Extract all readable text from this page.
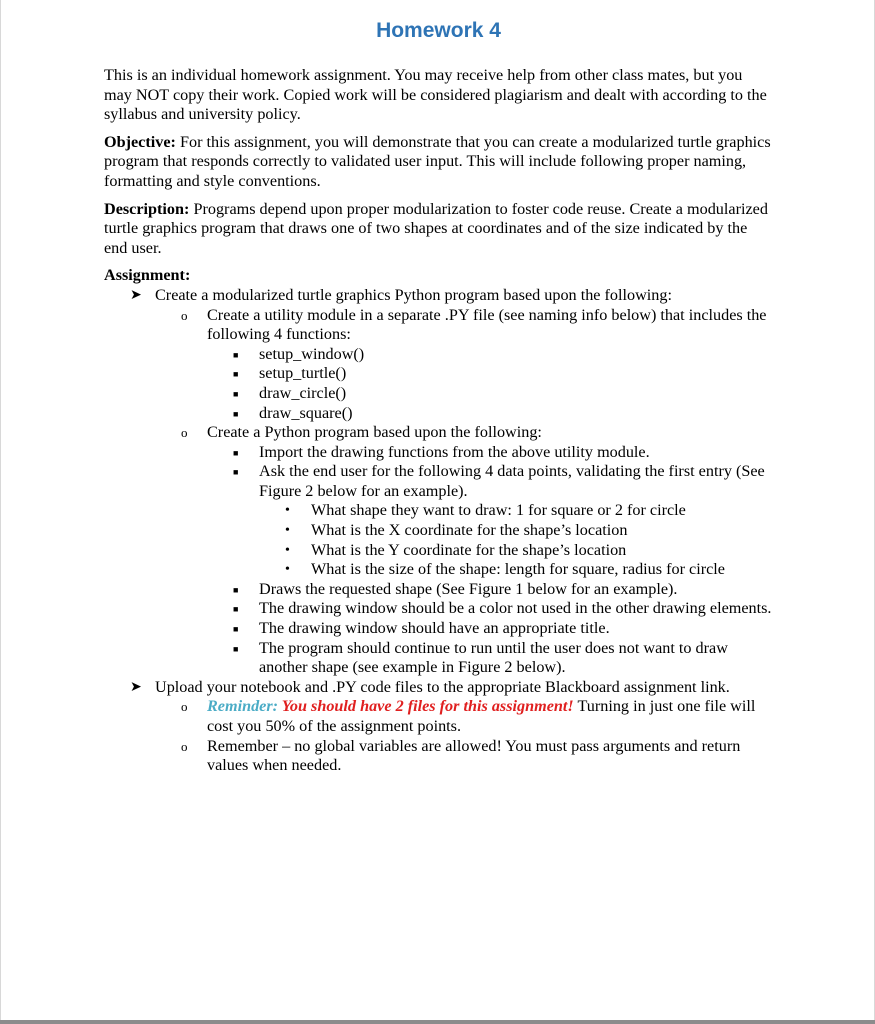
Homework 4

This is an individual homework assignment. You may receive help from other class mates, but you may NOT copy their work. Copied work will be considered plagiarism and dealt with according to the syllabus and university policy.

Objective: For this assignment, you will demonstrate that you can create a modularized turtle graphics program that responds correctly to validated user input. This will include following proper naming, formatting and style conventions.

Description: Programs depend upon proper modularization to foster code reuse. Create a modularized turtle graphics program that draws one of two shapes at coordinates and of the size indicated by the end user.

Assignment:

➤ Create a modularized turtle graphics Python program based upon the following:
o Create a utility module in a separate .PY file (see naming info below) that includes the following 4 functions:
■ setup_window()
■ setup_turtle()
■ draw_circle()
■ draw_square()
o Create a Python program based upon the following:
■ Import the drawing functions from the above utility module.
■ Ask the end user for the following 4 data points, validating the first entry (See Figure 2 below for an example).
• What shape they want to draw: 1 for square or 2 for circle
• What is the X coordinate for the shape’s location
• What is the Y coordinate for the shape’s location
• What is the size of the shape: length for square, radius for circle
■ Draws the requested shape (See Figure 1 below for an example).
■ The drawing window should be a color not used in the other drawing elements.
■ The drawing window should have an appropriate title.
■ The program should continue to run until the user does not want to draw another shape (see example in Figure 2 below).
➤ Upload your notebook and .PY code files to the appropriate Blackboard assignment link.
o Reminder: You should have 2 files for this assignment! Turning in just one file will cost you 50% of the assignment points.
o Remember – no global variables are allowed! You must pass arguments and return values when needed.
